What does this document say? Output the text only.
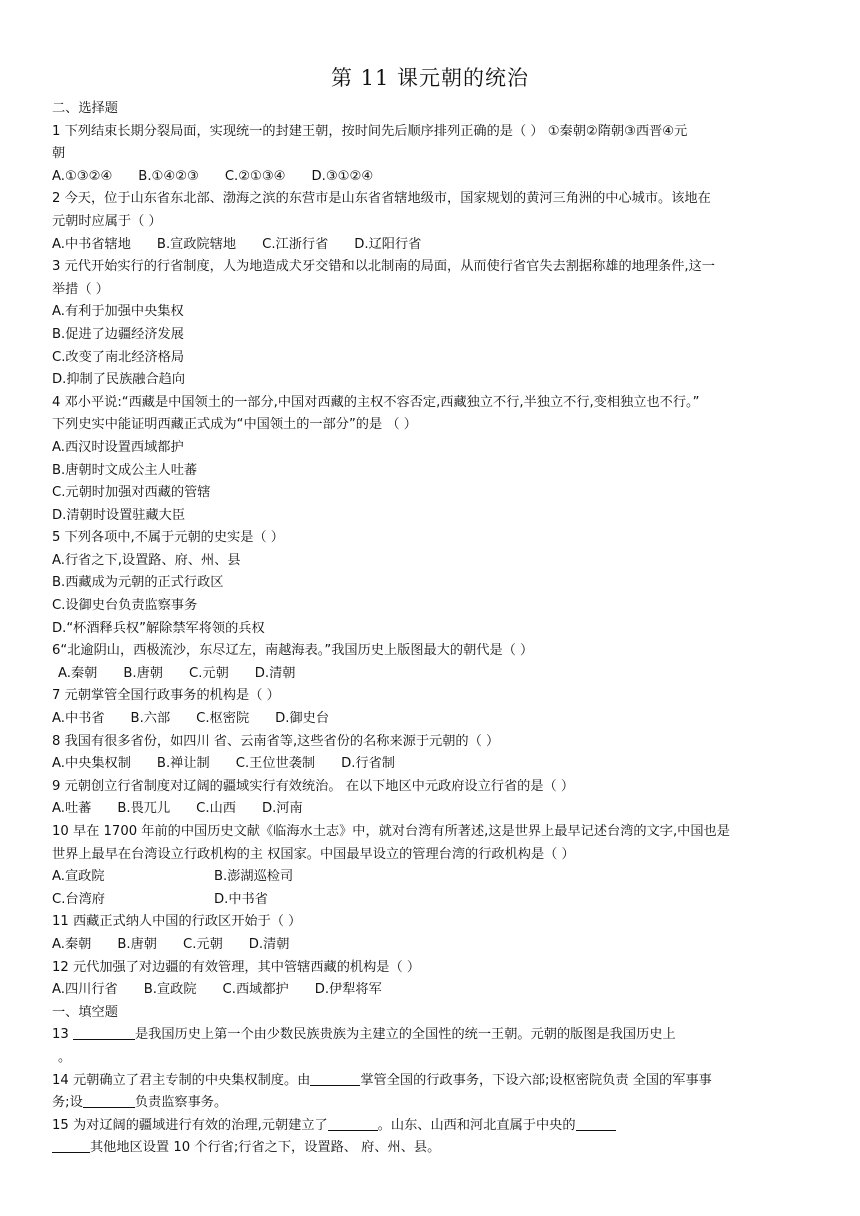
第 11 课元朝的统治
二、选择题
1 下列结束长期分裂局面，实现统一的封建王朝，按时间先后顺序排列正确的是（ ） ①秦朝②隋朝③西晋④元
朝
A.①③②④ B.①④②③ C.②①③④ D.③①②④
2 今天，位于山东省东北部、渤海之滨的东营市是山东省省辖地级市，国家规划的黄河三角洲的中心城市。该地在
元朝时应属于（ ）
A.中书省辖地 B.宣政院辖地 C.江浙行省 D.辽阳行省
3 元代开始实行的行省制度，人为地造成犬牙交错和以北制南的局面，从而使行省官失去割据称雄的地理条件,这一
举措（ ）
A.有利于加强中央集权
B.促进了边疆经济发展
C.改变了南北经济格局
D.抑制了民族融合趋向
4 邓小平说:“西藏是中国领土的一部分,中国对西藏的主权不容否定,西藏独立不行,半独立不行,变相独立也不行。”
下列史实中能证明西藏正式成为“中国领土的一部分”的是 （ ）
A.西汉时设置西域都护
B.唐朝时文成公主人吐蕃
C.元朝时加强对西藏的管辖
D.清朝时设置驻藏大臣
5 下列各项中,不属于元朝的史实是（ ）
A.行省之下,设置路、府、州、县
B.西藏成为元朝的正式行政区
C.设御史台负责监察事务
D.“杯酒释兵权”解除禁军将领的兵权
6“北逾阴山，西极流沙，东尽辽左，南越海表。”我国历史上版图最大的朝代是（ ）
A.秦朝 B.唐朝 C.元朝 D.清朝
7 元朝掌管全国行政事务的机构是（ ）
A.中书省 B.六部 C.枢密院 D.御史台
8 我国有很多省份，如四川 省、云南省等,这些省份的名称来源于元朝的（ ）
A.中央集权制 B.禅让制 C.王位世袭制 D.行省制
9 元朝创立行省制度对辽阔的疆域实行有效统治。 在以下地区中元政府设立行省的是（ ）
A.吐蕃 B.畏兀儿 C.山西 D.河南
10 早在 1700 年前的中国历史文献《临海水土志》中，就对台湾有所著述,这是世界上最早记述台湾的文字,中国也是
世界上最早在台湾设立行政机构的主 权国家。中国最早设立的管理台湾的行政机构是（ ）
A.宣政院	B.澎湖巡检司
C.台湾府	D.中书省
11 西藏正式纳人中国的行政区开始于（ ）
A.秦朝 B.唐朝 C.元朝 D.清朝
12 元代加强了对边疆的有效管理，其中管辖西藏的机构是（ ）
A.四川行省 B.宣政院 C.西域都护 D.伊犁将军
一、填空题
13	是我国历史上第一个由少数民族贵族为主建立的全国性的统一王朝。元朝的版图是我国历史上
。
14 元朝确立了君主专制的中央集权制度。由	掌管全国的行政事务，下设六部;设枢密院负责 全国的军事事
务;设	负责监察事务。
15 为对辽阔的疆域进行有效的治理,元朝建立了	。山东、山西和河北直属于中央的
其他地区设置 10 个行省;行省之下，设置路、 府、州、县。
